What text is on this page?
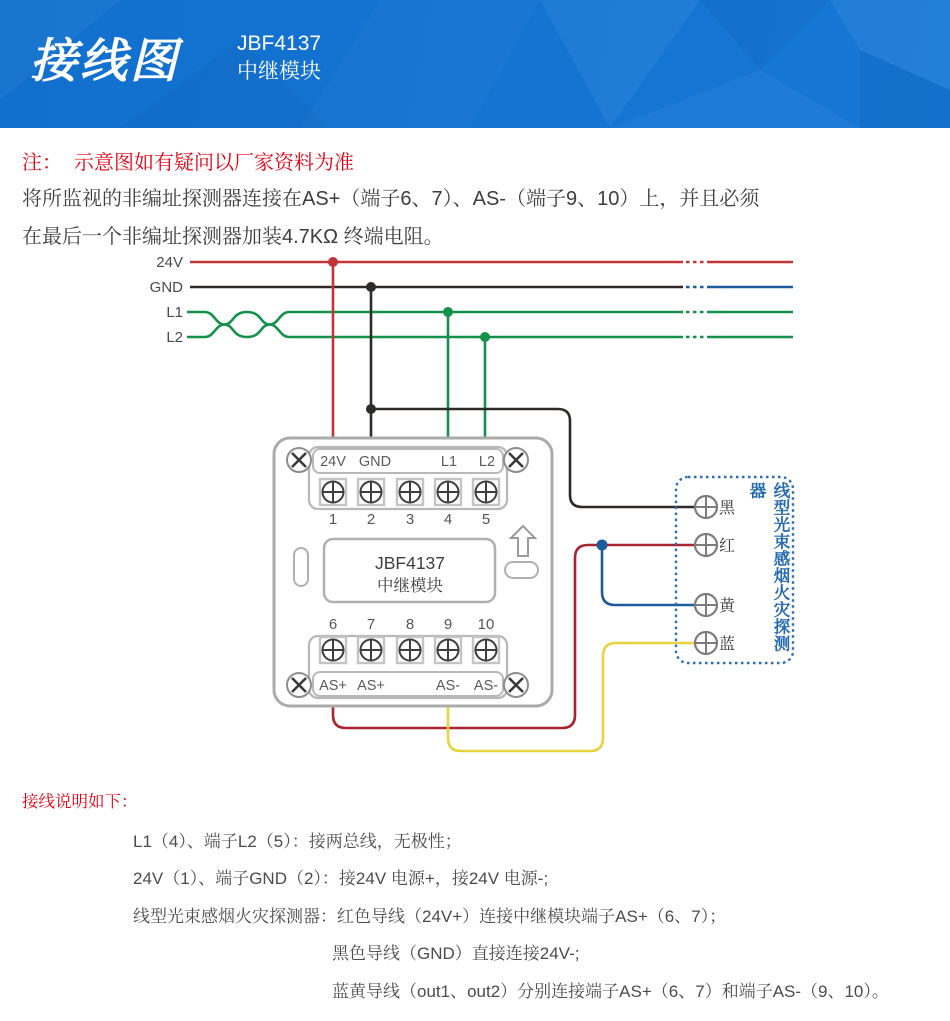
接线图	JBF4137
中继模块
注： 示意图如有疑问以厂家资料为准
将所监视的非编址探测器连接在AS+（端子6、7）、AS-（端子9、10）上，并且必须
在最后一个非编址探测器加装4.7KΩ 终端电阻。
24V
GND
L1
L2
24V GND	L1 L2
1 2 3 4 5
JBF4137
中继模块
6 7 8 9 10
AS+ AS+	AS- AS-
黑
红
黄
蓝	线型光束感烟火灾探测器
接线说明如下：
L1（4）、端子L2（5）：接两总线，无极性；
24V（1）、端子GND（2）：接24V 电源+，接24V 电源-;
线型光束感烟火灾探测器：红色导线（24V+）连接中继模块端子AS+（6、7）；
黑色导线（GND）直接连接24V-;
蓝黄导线（out1、out2）分别连接端子AS+（6、7）和端子AS-（9、10）。
